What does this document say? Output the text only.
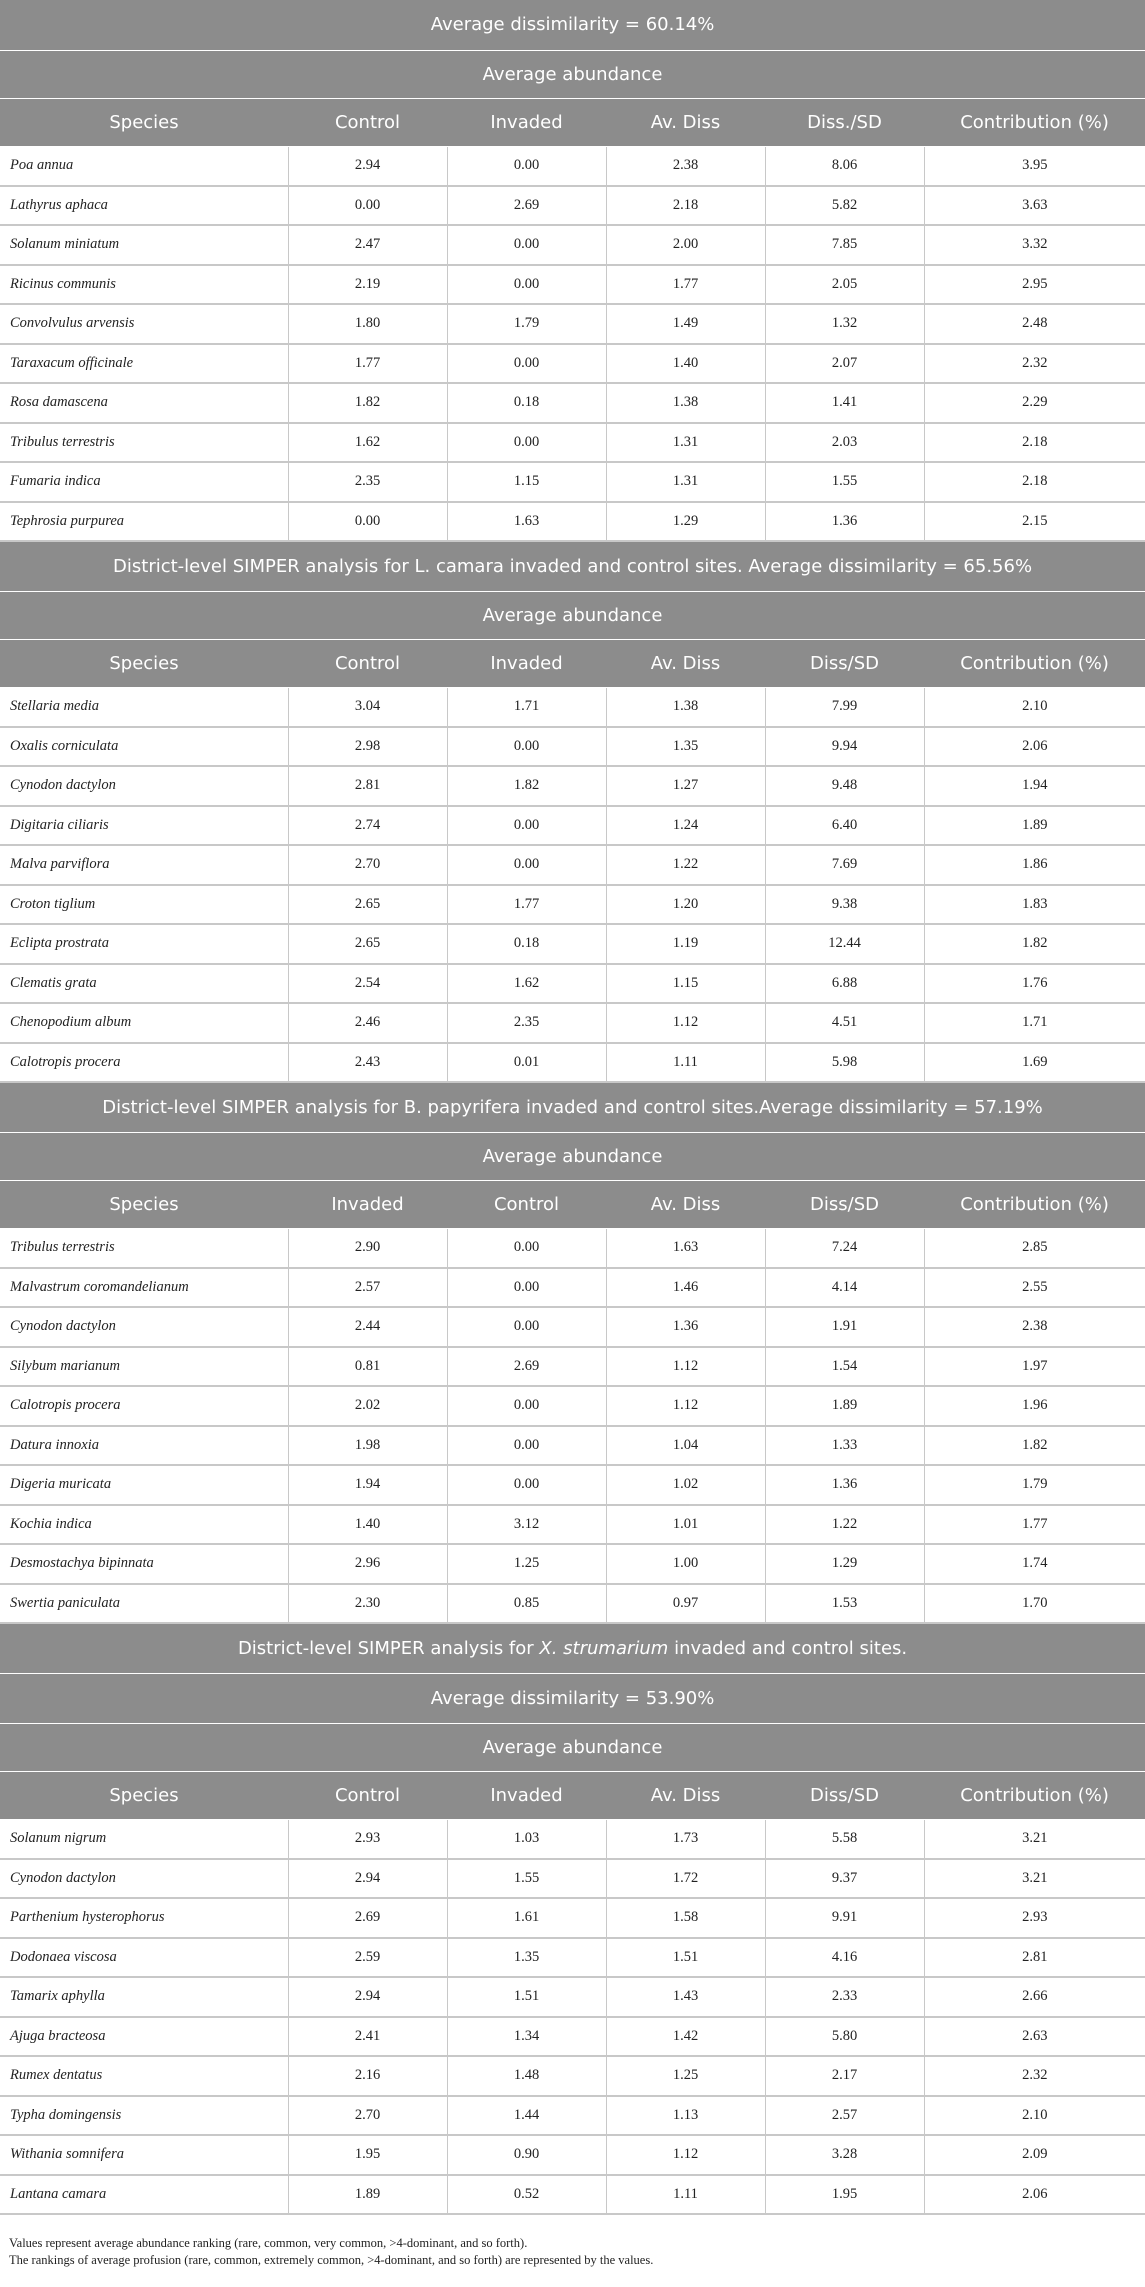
Average dissimilarity = 60.14%					
Average abundance					
Species	Control	Invaded	Av. Diss	Diss./SD	Contribution (%)
Poa annua	2.94	0.00	2.38	8.06	3.95
Lathyrus aphaca	0.00	2.69	2.18	5.82	3.63
Solanum miniatum	2.47	0.00	2.00	7.85	3.32
Ricinus communis	2.19	0.00	1.77	2.05	2.95
Convolvulus arvensis	1.80	1.79	1.49	1.32	2.48
Taraxacum officinale	1.77	0.00	1.40	2.07	2.32
Rosa damascena	1.82	0.18	1.38	1.41	2.29
Tribulus terrestris	1.62	0.00	1.31	2.03	2.18
Fumaria indica	2.35	1.15	1.31	1.55	2.18
Tephrosia purpurea	0.00	1.63	1.29	1.36	2.15
District-level SIMPER analysis for L. camara invaded and control sites. Average dissimilarity = 65.56%					
Average abundance					
Species	Control	Invaded	Av. Diss	Diss/SD	Contribution (%)
Stellaria media	3.04	1.71	1.38	7.99	2.10
Oxalis corniculata	2.98	0.00	1.35	9.94	2.06
Cynodon dactylon	2.81	1.82	1.27	9.48	1.94
Digitaria ciliaris	2.74	0.00	1.24	6.40	1.89
Malva parviflora	2.70	0.00	1.22	7.69	1.86
Croton tiglium	2.65	1.77	1.20	9.38	1.83
Eclipta prostrata	2.65	0.18	1.19	12.44	1.82
Clematis grata	2.54	1.62	1.15	6.88	1.76
Chenopodium album	2.46	2.35	1.12	4.51	1.71
Calotropis procera	2.43	0.01	1.11	5.98	1.69
District-level SIMPER analysis for B. papyrifera invaded and control sites.Average dissimilarity = 57.19%					
Average abundance					
Species	Invaded	Control	Av. Diss	Diss/SD	Contribution (%)
Tribulus terrestris	2.90	0.00	1.63	7.24	2.85
Malvastrum coromandelianum	2.57	0.00	1.46	4.14	2.55
Cynodon dactylon	2.44	0.00	1.36	1.91	2.38
Silybum marianum	0.81	2.69	1.12	1.54	1.97
Calotropis procera	2.02	0.00	1.12	1.89	1.96
Datura innoxia	1.98	0.00	1.04	1.33	1.82
Digeria muricata	1.94	0.00	1.02	1.36	1.79
Kochia indica	1.40	3.12	1.01	1.22	1.77
Desmostachya bipinnata	2.96	1.25	1.00	1.29	1.74
Swertia paniculata	2.30	0.85	0.97	1.53	1.70
District-level SIMPER analysis for X. strumarium invaded and control sites.					
Average dissimilarity = 53.90%					
Average abundance					
Species	Control	Invaded	Av. Diss	Diss/SD	Contribution (%)
Solanum nigrum	2.93	1.03	1.73	5.58	3.21
Cynodon dactylon	2.94	1.55	1.72	9.37	3.21
Parthenium hysterophorus	2.69	1.61	1.58	9.91	2.93
Dodonaea viscosa	2.59	1.35	1.51	4.16	2.81
Tamarix aphylla	2.94	1.51	1.43	2.33	2.66
Ajuga bracteosa	2.41	1.34	1.42	5.80	2.63
Rumex dentatus	2.16	1.48	1.25	2.17	2.32
Typha domingensis	2.70	1.44	1.13	2.57	2.10
Withania somnifera	1.95	0.90	1.12	3.28	2.09
Lantana camara	1.89	0.52	1.11	1.95	2.06
Values represent average abundance ranking (rare, common, very common, >4-dominant, and so forth).
The rankings of average profusion (rare, common, extremely common, >4-dominant, and so forth) are represented by the values.
